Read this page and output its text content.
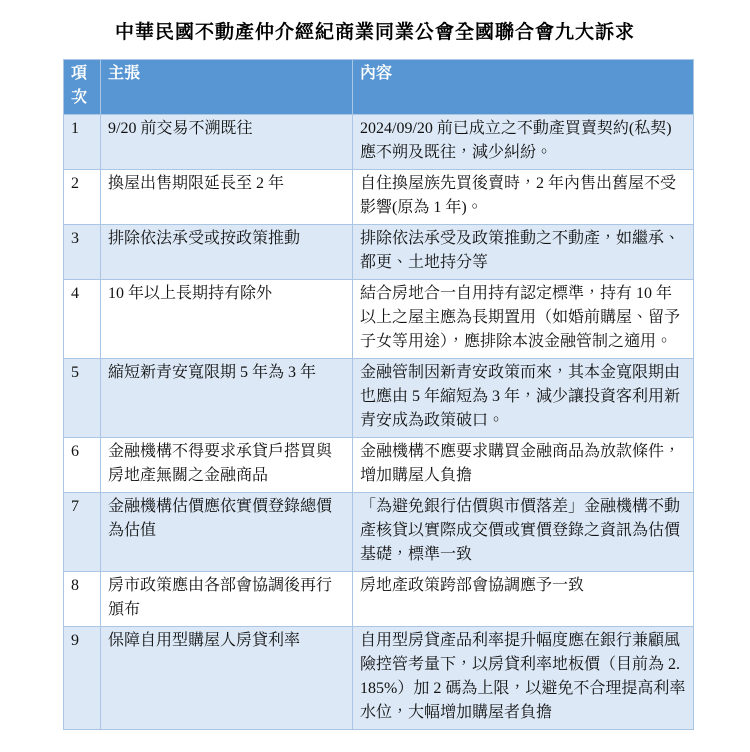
中華民國不動產仲介經紀商業同業公會全國聯合會九大訴求
項次	主張	內容
1	9/20 前交易不溯既往	2024/09/20 前已成立之不動產買賣契約(私契)應不朔及既往，減少糾紛。
2	換屋出售期限延長至 2 年	自住換屋族先買後賣時，2 年內售出舊屋不受影響(原為 1 年)。
3	排除依法承受或按政策推動	排除依法承受及政策推動之不動產，如繼承、都更、土地持分等
4	10 年以上長期持有除外	結合房地合一自用持有認定標準，持有 10 年以上之屋主應為長期置用（如婚前購屋、留予子女等用途），應排除本波金融管制之適用。
5	縮短新青安寬限期 5 年為 3 年	金融管制因新青安政策而來，其本金寬限期由也應由 5 年縮短為 3 年，減少讓投資客利用新青安成為政策破口。
6	金融機構不得要求承貸戶搭買與房地產無關之金融商品	金融機構不應要求購買金融商品為放款條件，增加購屋人負擔
7	金融機構估價應依實價登錄總價為估值	「為避免銀行估價與市價落差」金融機構不動產核貸以實際成交價或實價登錄之資訊為估價基礎，標準一致
8	房市政策應由各部會協調後再行頒布	房地產政策跨部會協調應予一致
9	保障自用型購屋人房貸利率	自用型房貸產品利率提升幅度應在銀行兼顧風險控管考量下，以房貸利率地板價（目前為 2.185%）加 2 碼為上限，以避免不合理提高利率水位，大幅增加購屋者負擔
